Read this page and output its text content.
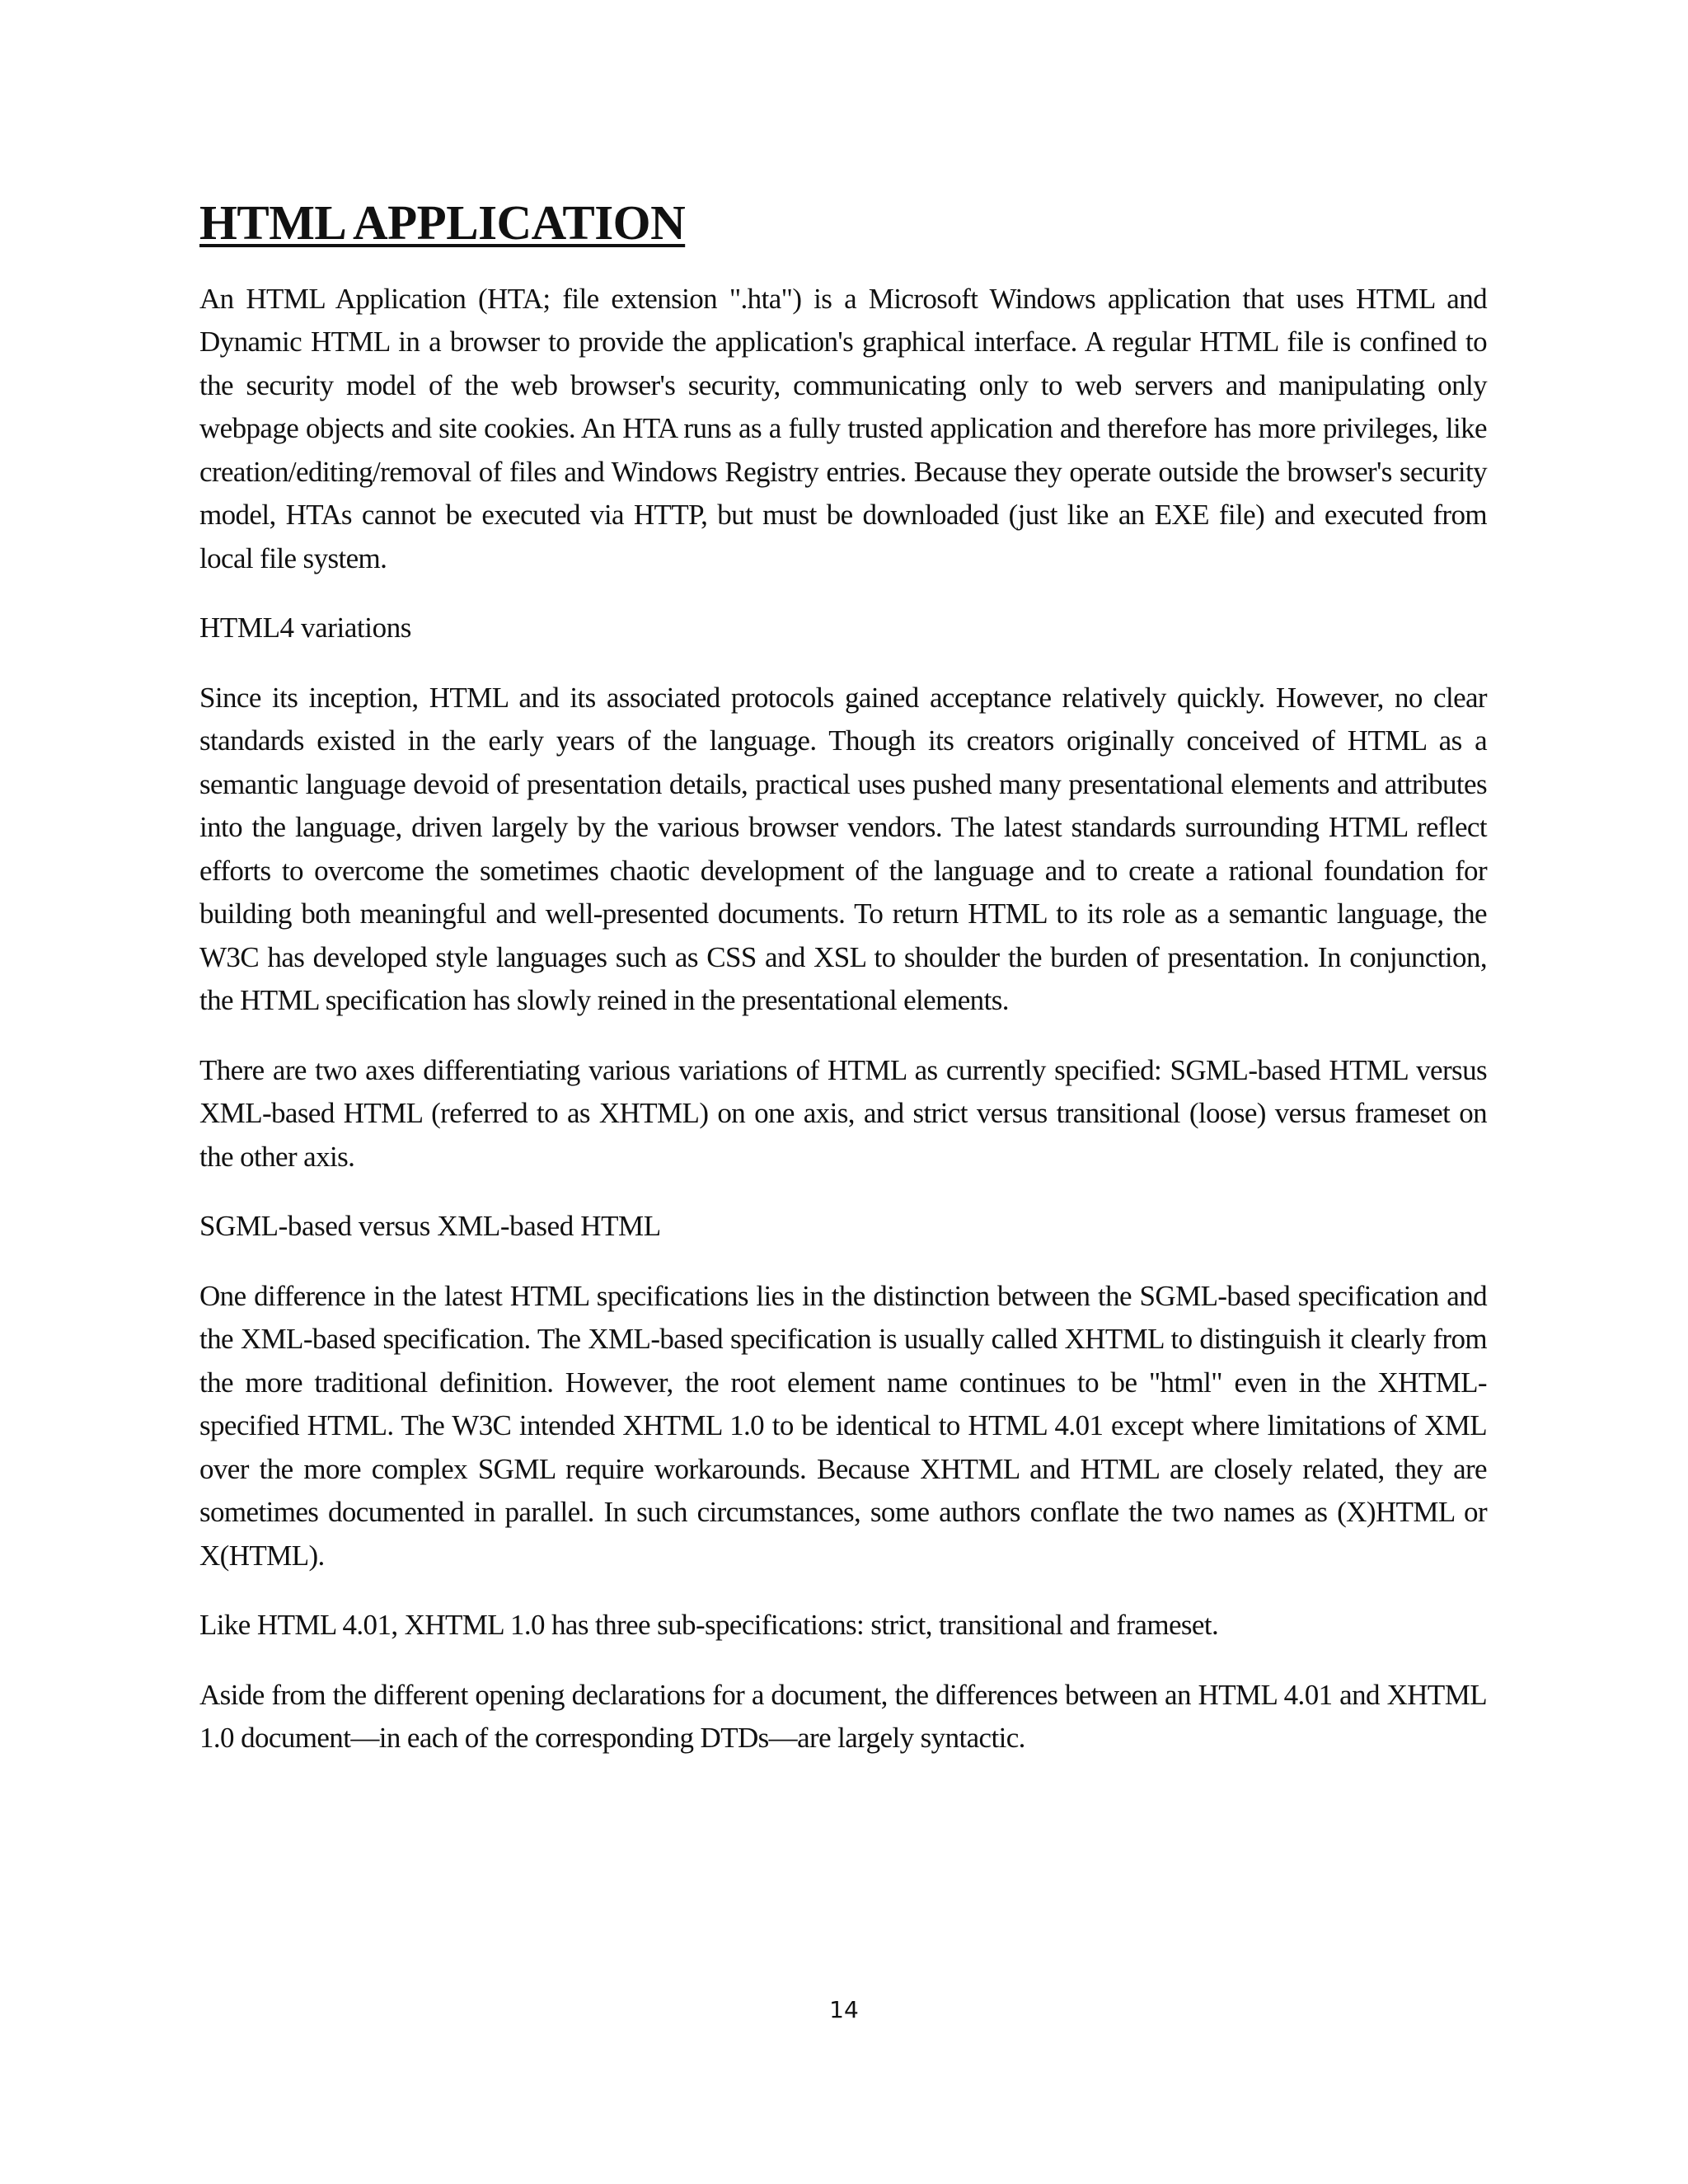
HTML APPLICATION

An HTML Application (HTA; file extension ".hta") is a Microsoft Windows application that uses HTML and Dynamic HTML in a browser to provide the application's graphical interface. A regular HTML file is confined to the security model of the web browser's security, communicating only to web servers and manipulating only webpage objects and site cookies. An HTA runs as a fully trusted application and therefore has more privileges, like creation/editing/removal of files and Windows Registry entries. Because they operate outside the browser's security model, HTAs cannot be executed via HTTP, but must be downloaded (just like an EXE file) and executed from local file system.

HTML4 variations

Since its inception, HTML and its associated protocols gained acceptance relatively quickly. However, no clear standards existed in the early years of the language. Though its creators originally conceived of HTML as a semantic language devoid of presentation details, practical uses pushed many presentational elements and attributes into the language, driven largely by the various browser vendors. The latest standards surrounding HTML reflect efforts to overcome the sometimes chaotic development of the language and to create a rational foundation for building both meaningful and well-presented documents. To return HTML to its role as a semantic language, the W3C has developed style languages such as CSS and XSL to shoulder the burden of presentation. In conjunction, the HTML specification has slowly reined in the presentational elements.

There are two axes differentiating various variations of HTML as currently specified: SGML-based HTML versus XML-based HTML (referred to as XHTML) on one axis, and strict versus transitional (loose) versus frameset on the other axis.

SGML-based versus XML-based HTML

One difference in the latest HTML specifications lies in the distinction between the SGML-based specification and the XML-based specification. The XML-based specification is usually called XHTML to distinguish it clearly from the more traditional definition. However, the root element name continues to be "html" even in the XHTML-specified HTML. The W3C intended XHTML 1.0 to be identical to HTML 4.01 except where limitations of XML over the more complex SGML require workarounds. Because XHTML and HTML are closely related, they are sometimes documented in parallel. In such circumstances, some authors conflate the two names as (X)HTML or X(HTML).

Like HTML 4.01, XHTML 1.0 has three sub-specifications: strict, transitional and frameset.

Aside from the different opening declarations for a document, the differences between an HTML 4.01 and XHTML 1.0 document—in each of the corresponding DTDs—are largely syntactic.

14
